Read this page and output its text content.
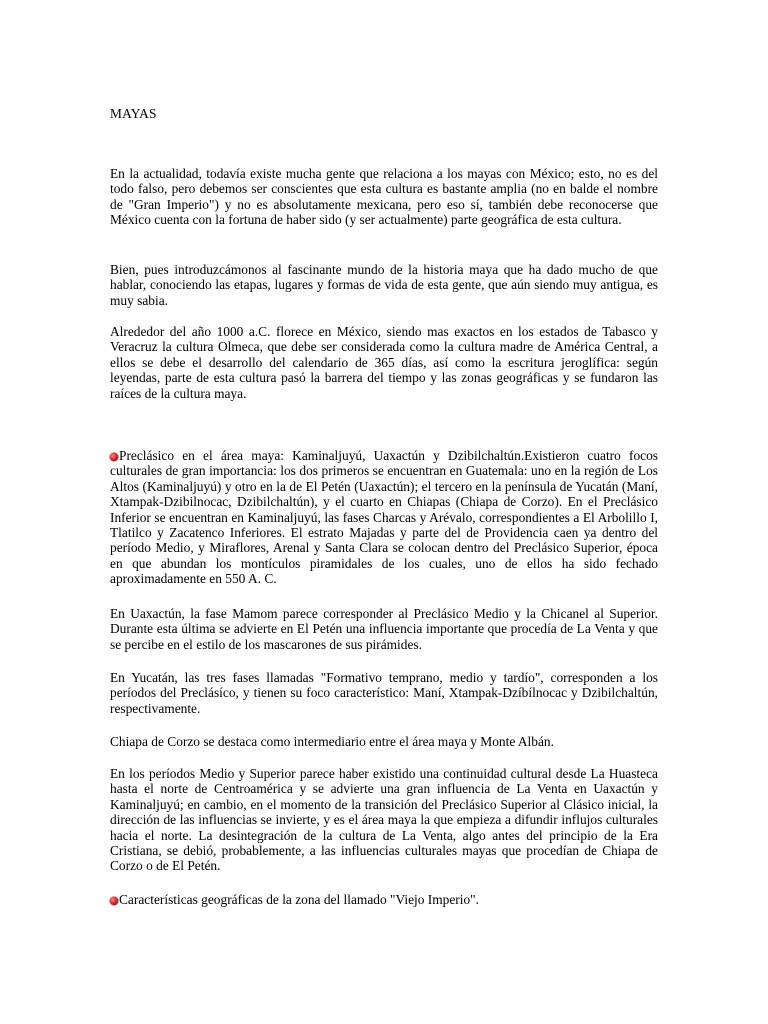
MAYAS

En la actualidad, todavía existe mucha gente que relaciona a los mayas con México; esto, no es del todo falso, pero debemos ser conscientes que esta cultura es bastante amplia (no en balde el nombre de "Gran Imperio") y no es absolutamente mexicana, pero eso sí, también debe reconocerse que México cuenta con la fortuna de haber sido (y ser actualmente) parte geográfica de esta cultura.

Bien, pues introduzcámonos al fascinante mundo de la historia maya que ha dado mucho de que hablar, conociendo las etapas, lugares y formas de vida de esta gente, que aún siendo muy antigua, es muy sabia.

Alrededor del año 1000 a.C. florece en México, siendo mas exactos en los estados de Tabasco y Veracruz la cultura Olmeca, que debe ser considerada como la cultura madre de América Central, a ellos se debe el desarrollo del calendario de 365 días, así como la escritura jeroglífica: según leyendas, parte de esta cultura pasó la barrera del tiempo y las zonas geográficas y se fundaron las raíces de la cultura maya.

Preclásico en el área maya: Kaminaljuyú, Uaxactún y Dzibilchaltún.Existieron cuatro focos culturales de gran importancia: los dos primeros se encuentran en Guatemala: uno en la región de Los Altos (Kaminaljuyú) y otro en la de El Petén (Uaxactún); el tercero en la península de Yucatán (Maní, Xtampak-Dzibilnocac, Dzibilchaltún), y el cuarto en Chiapas (Chiapa de Corzo). En el Preclásico Inferior se encuentran en Kaminaljuyú, las fases Charcas y Arévalo, correspondientes a El Arbolillo I, Tlatilco y Zacatenco Inferiores. El estrato Majadas y parte del de Providencia caen ya dentro del período Medio, y Miraflores, Arenal y Santa Clara se colocan dentro del Preclásico Superior, época en que abundan los montículos piramidales de los cuales, uno de ellos ha sido fechado aproximadamente en 550 A. C.

En Uaxactún, la fase Mamom parece corresponder al Preclásico Medio y la Chicanel al Superior. Durante esta última se advierte en El Petén una influencia importante que procedía de La Venta y que se percibe en el estilo de los mascarones de sus pirámides.

En Yucatán, las tres fases llamadas "Formativo temprano, medio y tardío", corresponden a los períodos del Preclásíco, y tienen su foco característico: Maní, Xtampak-Dzíbílnocac y Dzibilchaltún, respectivamente.

Chiapa de Corzo se destaca como intermediario entre el área maya y Monte Albán.

En los períodos Medio y Superior parece haber existido una continuidad cultural desde La Huasteca hasta el norte de Centroamérica y se advierte una gran influencia de La Venta en Uaxactún y Kaminaljuyú; en cambio, en el momento de la transición del Preclásico Superior al Clásico inicial, la dirección de las influencias se invierte, y es el área maya la que empieza a difundir influjos culturales hacia el norte. La desintegración de la cultura de La Venta, algo antes del principio de la Era Cristiana, se debió, probablemente, a las influencias culturales mayas que procedían de Chiapa de Corzo o de El Petén.

Características geográficas de la zona del llamado "Viejo Imperio".
